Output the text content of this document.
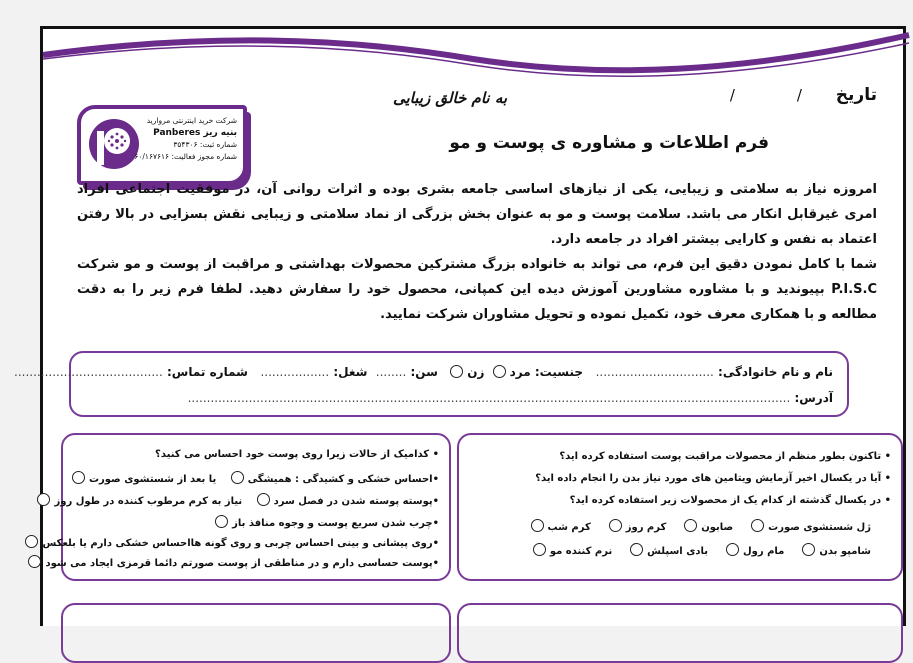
تاریخ / /
به نام خالق زیبایی
فرم اطلاعات و مشاوره ی پوست و مو
شرکت خرید اینترنتی مروارید
بنیه ریز Panberes
شماره ثبت: ۳۵۴۳۰۶
شماره مجوز فعالیت: ۶۰/۱۶۷۶۱۶

امروزه نیاز به سلامتی و زیبایی، یکی از نیازهای اساسی جامعه بشری بوده و اثرات روانی آن، در موفقیت اجتماعی افراد امری غیرقابل انکار می باشد. سلامت پوست و مو به عنوان بخش بزرگی از نماد سلامتی و زیبایی نقش بسزایی در بالا رفتن اعتماد به نفس و کارایی بیشتر افراد در جامعه دارد.

شما با کامل نمودن دقیق این فرم، می تواند به خانواده بزرگ مشترکین محصولات بهداشتی و مراقبت از پوست و مو شرکت P.I.S.C بپیوندید و با مشاوره مشاورین آموزش دیده این کمپانی، محصول خود را سفارش دهید. لطفا فرم زیر را به دقت مطالعه و با همکاری معرف خود، تکمیل نموده و تحویل مشاوران شرکت نمایید.

نام و نام خانوادگی: ...............................   جنسیت: مرد زن  سن: ........  شغل: ..................   شماره تماس: .......................................
آدرس: ..............................................................................................................................................................
• کدامیک از حالات زیرا روی پوست خود احساس می کنید؟
•احساس خشکی و کشیدگی : همیشگی   یا بعد از شستشوی صورت
•پوسته پوسته شدن در فصل سرد   نیاز به کرم مرطوب کننده در طول روز
•چرب شدن سریع پوست و وجوه منافذ باز
•روی پیشانی و بینی احساس چربی و روی گونه هااحساس خشکی دارم یا بلعکس
•پوست حساسی دارم و در مناطقی از پوست صورتم دائما قرمزی ایجاد می شود
• تاکنون بطور منظم از محصولات مراقبت پوست استفاده کرده اید؟
• آیا در یکسال اخیر آزمایش ویتامین های مورد نیاز بدن را انجام داده اید؟
• در یکسال گذشته از کدام یک از محصولات زیر استفاده کرده اید؟
ژل شستشوی صورت    صابون    کرم روز    کرم شب
شامپو بدن    مام رول    بادی اسپلش    نرم کننده مو
